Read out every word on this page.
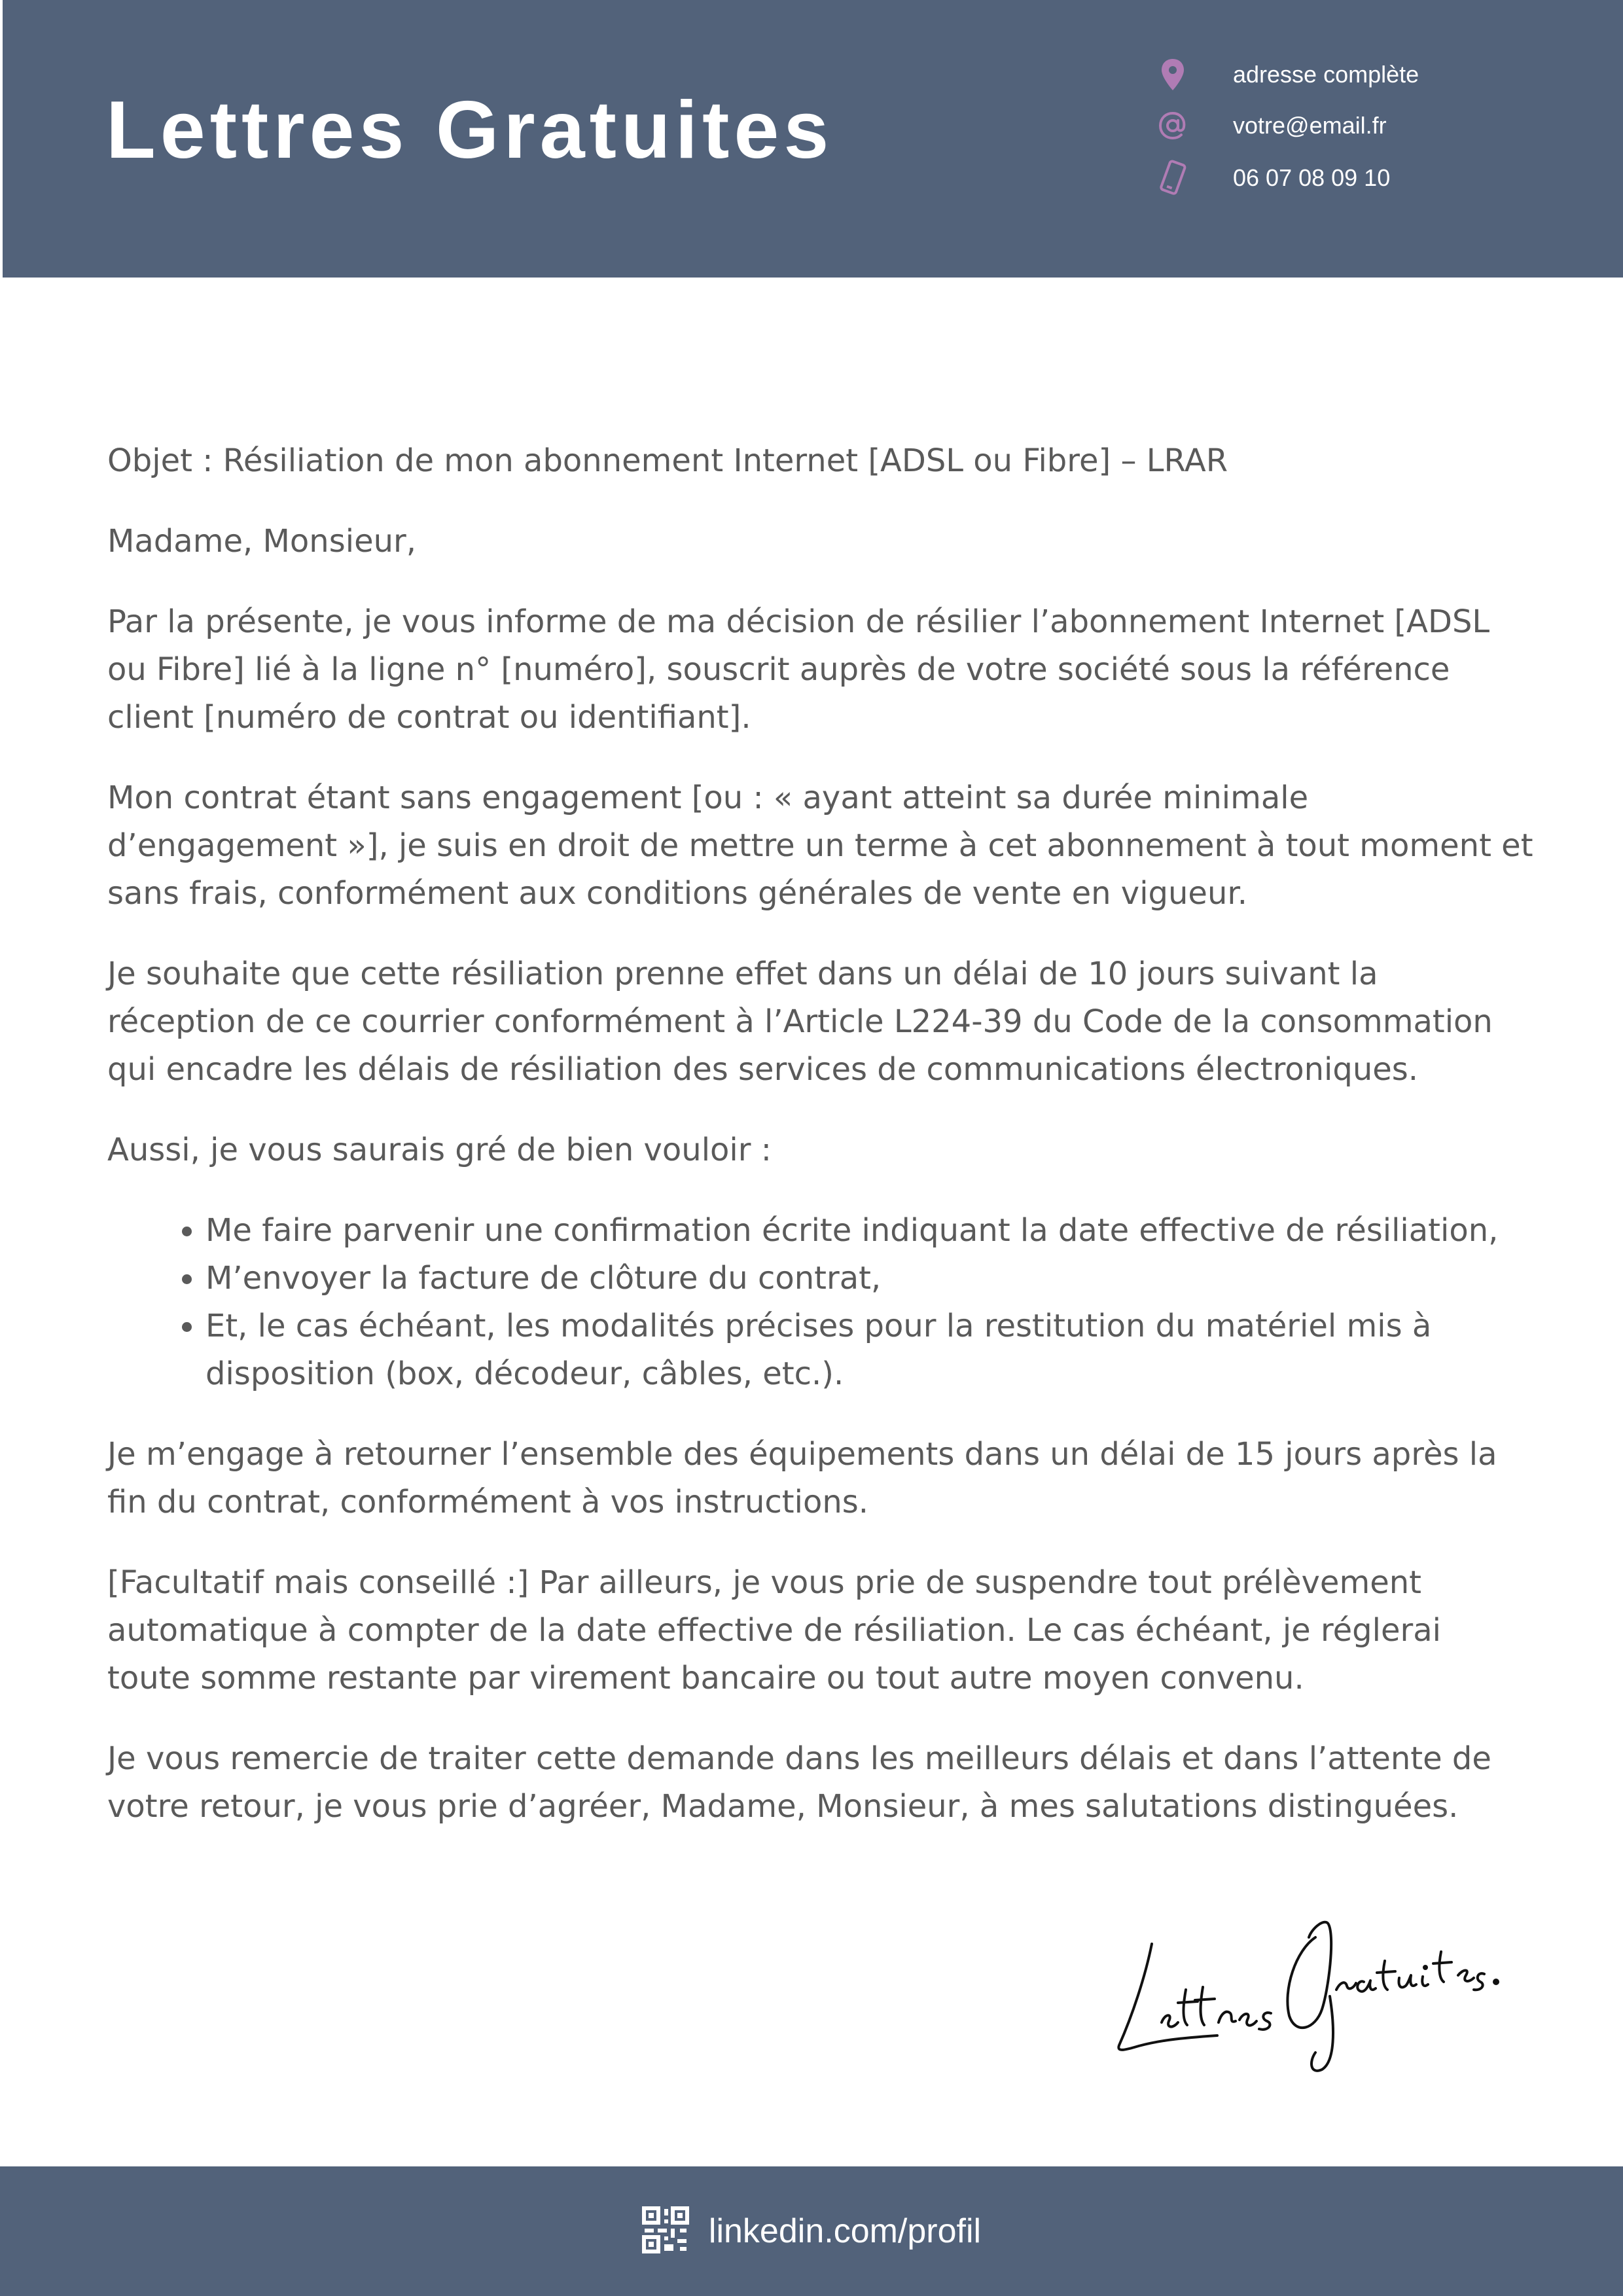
Lettres Gratuites
adresse complète
votre@email.fr
06 07 08 09 10

Objet : Résiliation de mon abonnement Internet [ADSL ou Fibre] – LRAR

Madame, Monsieur,

Par la présente, je vous informe de ma décision de résilier l’abonnement Internet [ADSL ou Fibre] lié à la ligne n° [numéro], souscrit auprès de votre société sous la référence client [numéro de contrat ou identifiant].

Mon contrat étant sans engagement [ou : « ayant atteint sa durée minimale d’engagement »], je suis en droit de mettre un terme à cet abonnement à tout moment et sans frais, conformément aux conditions générales de vente en vigueur.

Je souhaite que cette résiliation prenne effet dans un délai de 10 jours suivant la réception de ce courrier conformément à l’Article L224-39 du Code de la consommation qui encadre les délais de résiliation des services de communications électroniques.

Aussi, je vous saurais gré de bien vouloir :

• Me faire parvenir une confirmation écrite indiquant la date effective de résiliation,
• M’envoyer la facture de clôture du contrat,
• Et, le cas échéant, les modalités précises pour la restitution du matériel mis à disposition (box, décodeur, câbles, etc.).

Je m’engage à retourner l’ensemble des équipements dans un délai de 15 jours après la fin du contrat, conformément à vos instructions.

[Facultatif mais conseillé :] Par ailleurs, je vous prie de suspendre tout prélèvement automatique à compter de la date effective de résiliation. Le cas échéant, je réglerai toute somme restante par virement bancaire ou tout autre moyen convenu.

Je vous remercie de traiter cette demande dans les meilleurs délais et dans l’attente de votre retour, je vous prie d’agréer, Madame, Monsieur, à mes salutations distinguées.

linkedin.com/profil
